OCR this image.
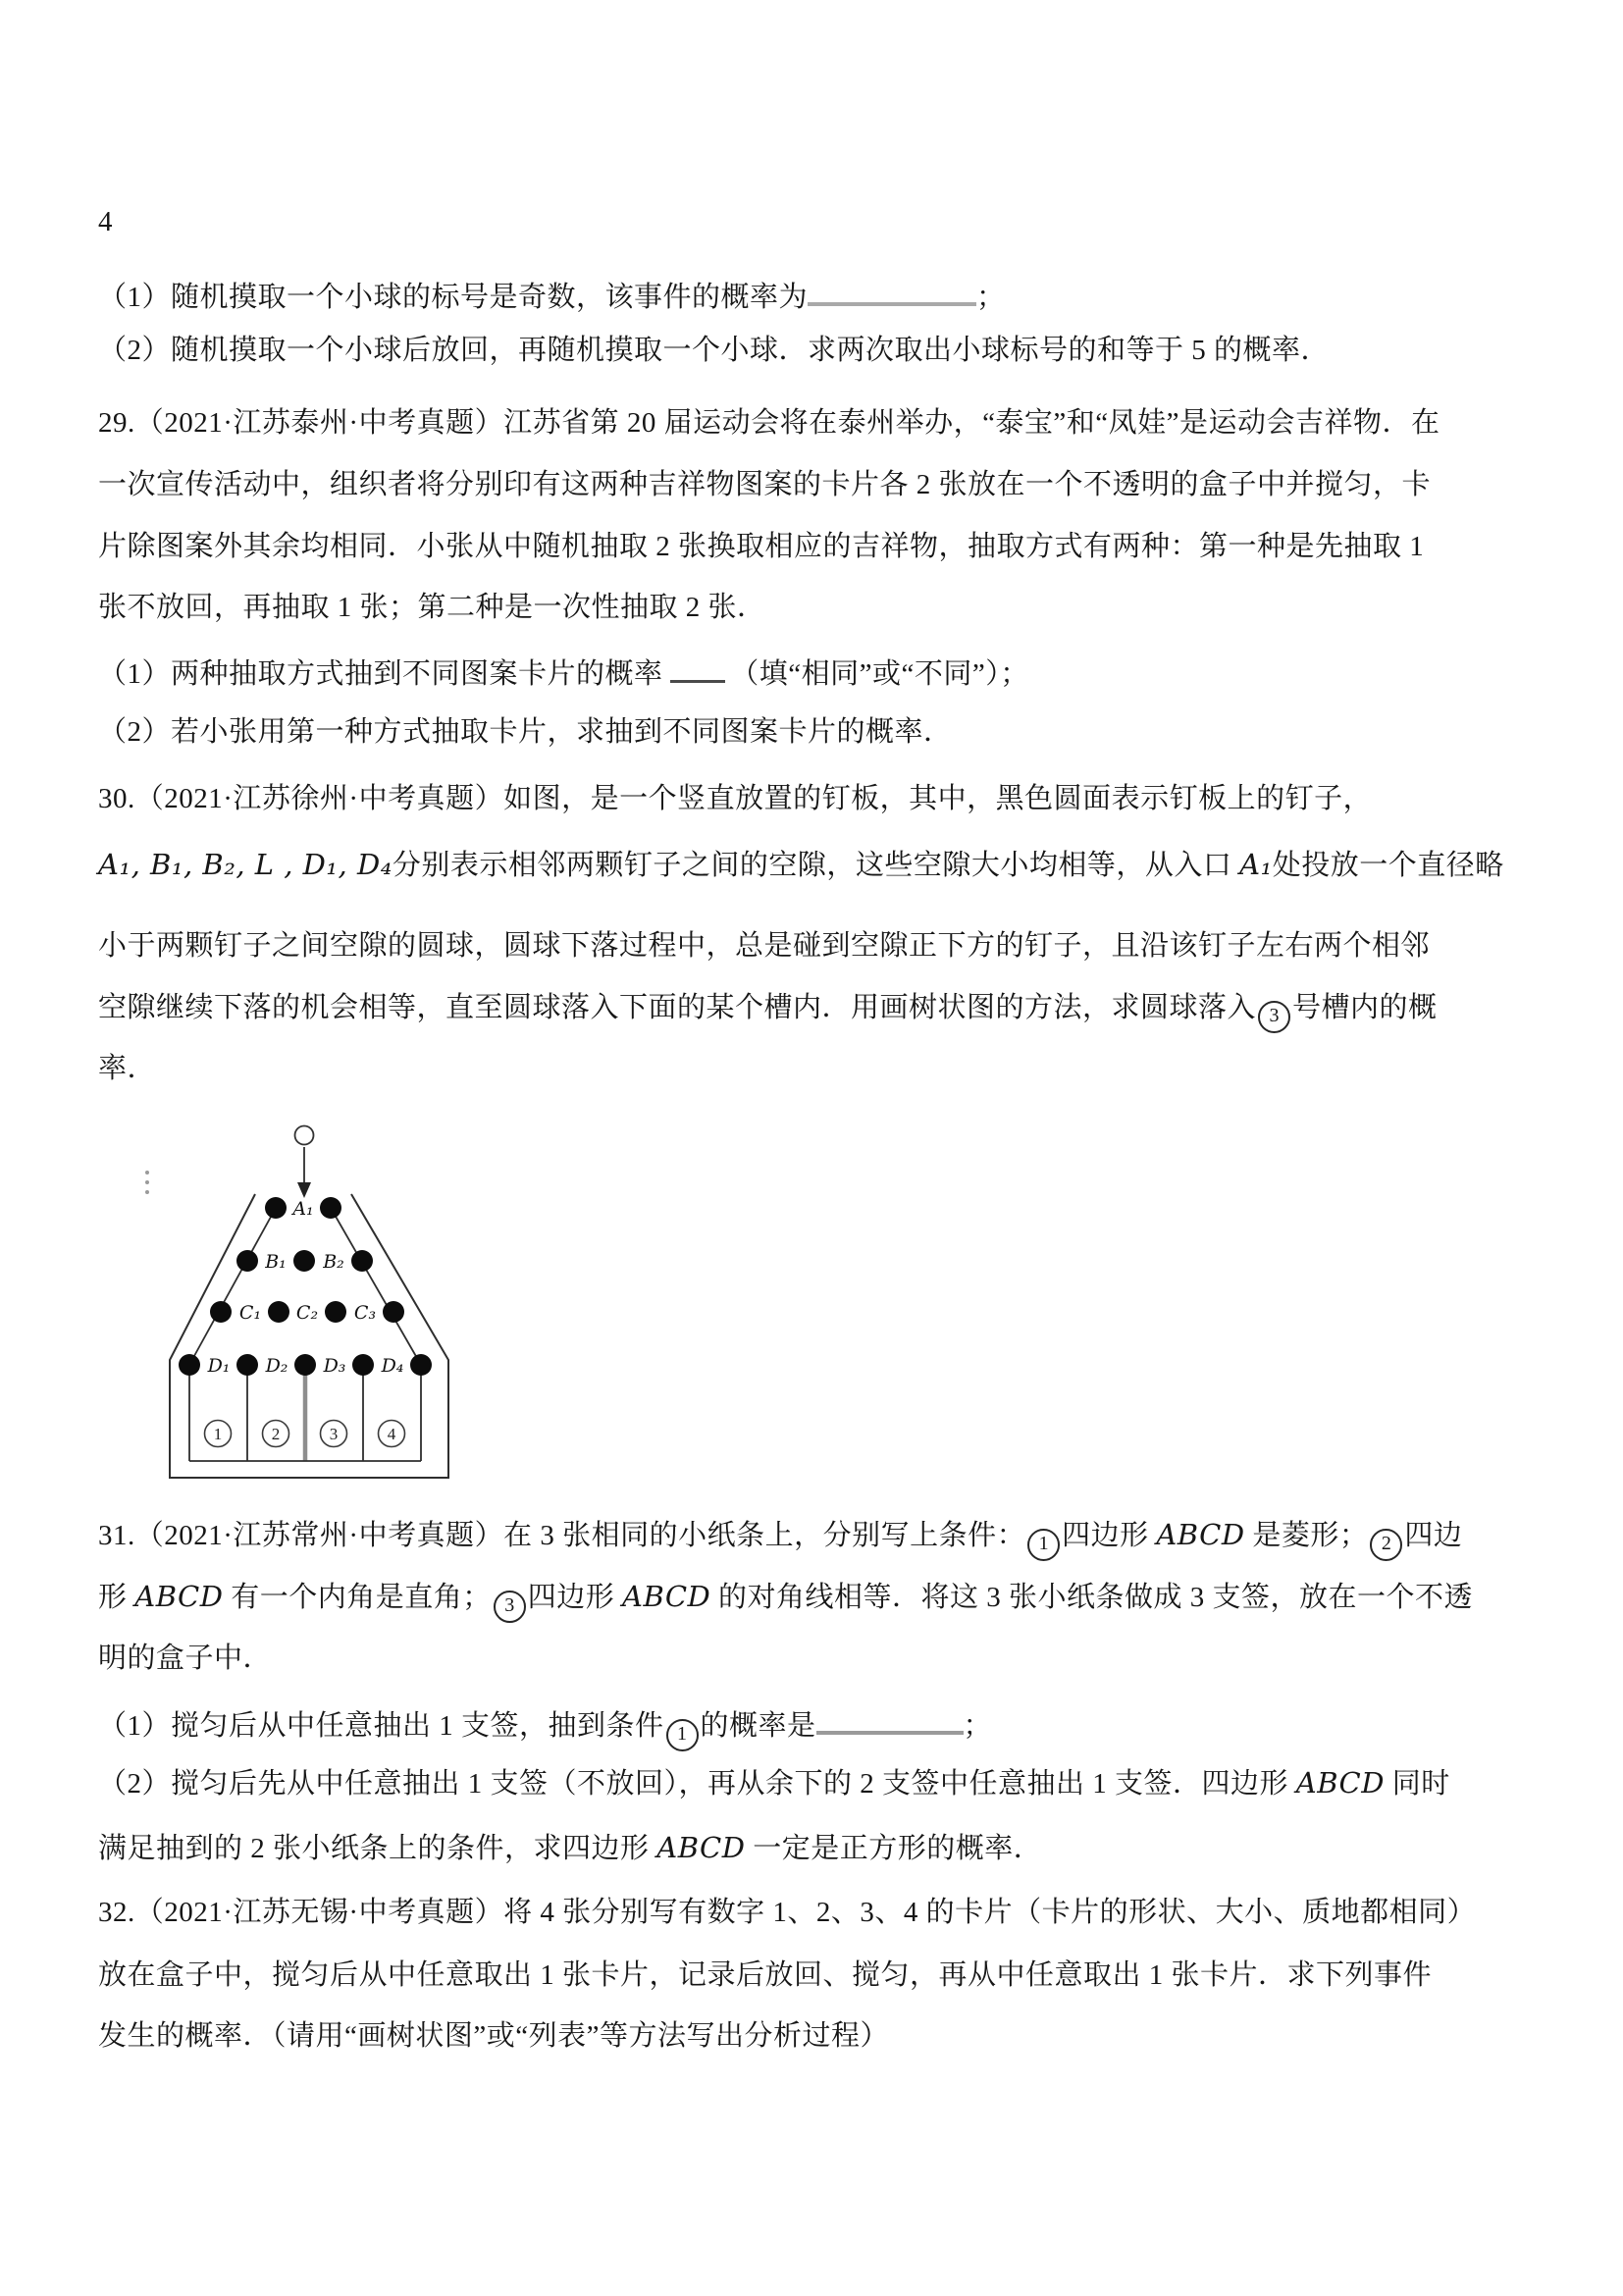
4
（1）随机摸取一个小球的标号是奇数，该事件的概率为	；
（2）随机摸取一个小球后放回，再随机摸取一个小球．求两次取出小球标号的和等于 5 的概率．
29.（2021·江苏泰州·中考真题）江苏省第 20 届运动会将在泰州举办，“泰宝”和“凤娃”是运动会吉祥物．在
一次宣传活动中，组织者将分别印有这两种吉祥物图案的卡片各 2 张放在一个不透明的盒子中并搅匀，卡
片除图案外其余均相同．小张从中随机抽取 2 张换取相应的吉祥物，抽取方式有两种：第一种是先抽取 1
张不放回，再抽取 1 张；第二种是一次性抽取 2 张．
（1）两种抽取方式抽到不同图案卡片的概率 （填“相同”或“不同”）；
（2）若小张用第一种方式抽取卡片，求抽到不同图案卡片的概率．
30.（2021·江苏徐州·中考真题）如图，是一个竖直放置的钉板，其中，黑色圆面表示钉板上的钉子，
A₁, B₁, B₂, L , D₁, D₄分别表示相邻两颗钉子之间的空隙，这些空隙大小均相等，从入口 A₁处投放一个直径略
小于两颗钉子之间空隙的圆球，圆球下落过程中，总是碰到空隙正下方的钉子，且沿该钉子左右两个相邻
空隙继续下落的机会相等，直至圆球落入下面的某个槽内．用画树状图的方法，求圆球落入 3 号槽内的概
率．
A₁
B₁ B₂
C₁ C₂ C₃
D₁ D₂ D₃ D₄
1	2	3	4
31.（2021·江苏常州·中考真题）在 3 张相同的小纸条上，分别写上条件： 1 四边形 ABCD 是菱形； 2 四边
形 ABCD 有一个内角是直角； 3 四边形 ABCD 的对角线相等．将这 3 张小纸条做成 3 支签，放在一个不透
明的盒子中．
（1）搅匀后从中任意抽出 1 支签，抽到条件 1 的概率是	；
（2）搅匀后先从中任意抽出 1 支签（不放回），再从余下的 2 支签中任意抽出 1 支签．四边形 ABCD 同时
满足抽到的 2 张小纸条上的条件，求四边形 ABCD 一定是正方形的概率．
32.（2021·江苏无锡·中考真题）将 4 张分别写有数字 1、2、3、4 的卡片（卡片的形状、大小、质地都相同）
放在盒子中，搅匀后从中任意取出 1 张卡片，记录后放回、搅匀，再从中任意取出 1 张卡片．求下列事件
发生的概率．（请用“画树状图”或“列表”等方法写出分析过程）
